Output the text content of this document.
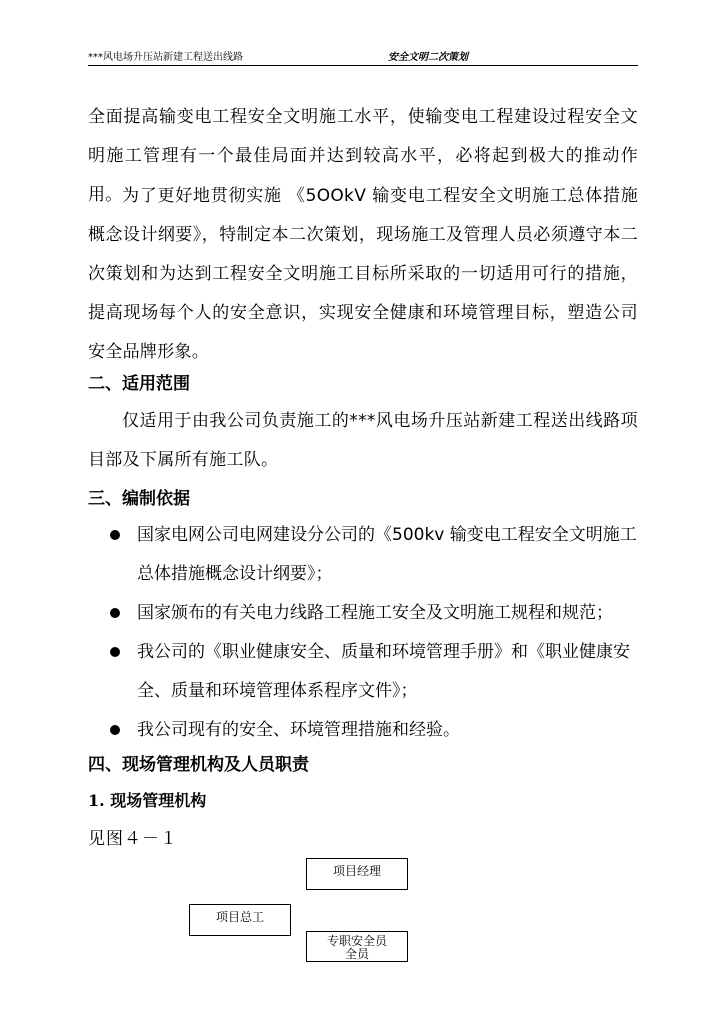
***风电场升压站新建工程送出线路	安全文明二次策划

全面提高输变电工程安全文明施工水平，使输变电工程建设过程安全文明施工管理有一个最佳局面并达到较高水平，必将起到极大的推动作用。 为了更好地贯彻实施 《5OOkV 输变电工程安全文明施工总体措施概念设计纲要》，特制定本二次策划，现场施工及管理人员必须遵守本二次策划和为达到工程安全文明施工目标所采取的一切适用可行的措施，提高现场每个人的安全意识，实现安全健康和环境管理目标，塑造公司安全品牌形象。

二、适用范围

仅适用于由我公司负责施工的***风电场升压站新建工程送出线路项目部及下属所有施工队。

三、编制依据
国家电网公司电网建设分公司的《500kv 输变电工程安全文明施工总体措施概念设计纲要》；
国家颁布的有关电力线路工程施工安全及文明施工规程和规范；
我公司的《职业健康安全、质量和环境管理手册》和《职业健康安全、质量和环境管理体系程序文件》；
我公司现有的安全、环境管理措施和经验。
四、现场管理机构及人员职责
1. 现场管理机构

见图４－１

项目经理
项目总工
专职安全员
全员
